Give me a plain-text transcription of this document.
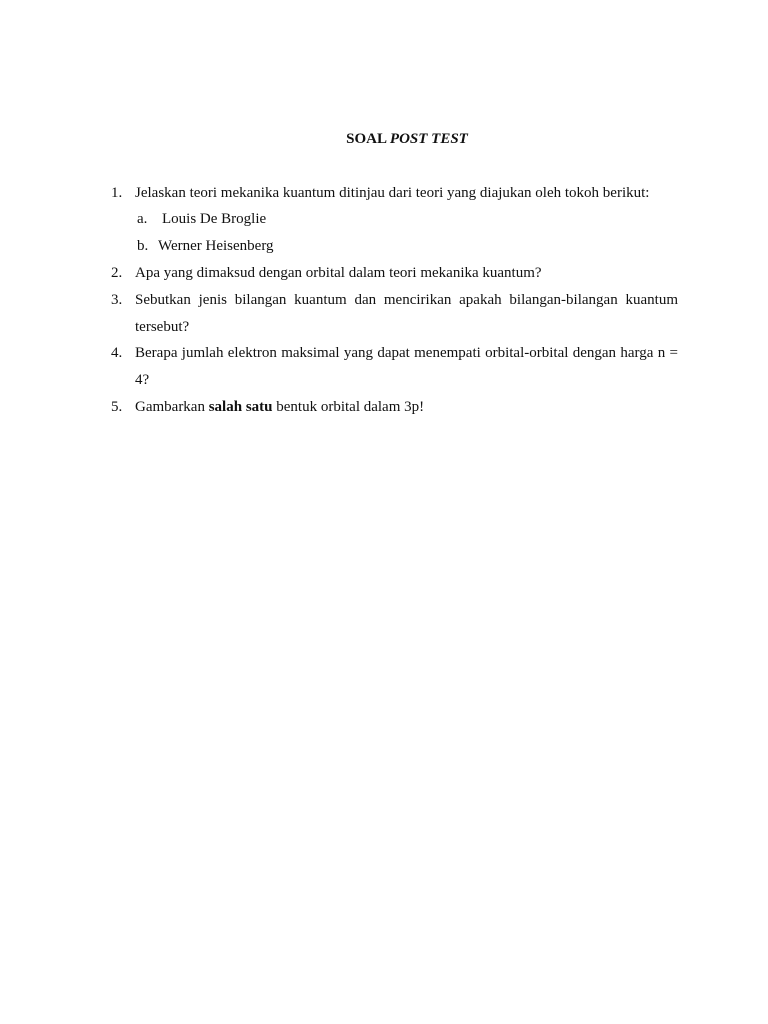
SOAL POST TEST
1. Jelaskan teori mekanika kuantum ditinjau dari teori yang diajukan oleh tokoh berikut:
a. Louis De Broglie
b. Werner Heisenberg
2. Apa yang dimaksud dengan orbital dalam teori mekanika kuantum?
3. Sebutkan jenis bilangan kuantum dan mencirikan apakah bilangan-bilangan kuantum
tersebut?
4. Berapa jumlah elektron maksimal yang dapat menempati orbital-orbital dengan harga n =
4?
5. Gambarkan salah satu bentuk orbital dalam 3p!
